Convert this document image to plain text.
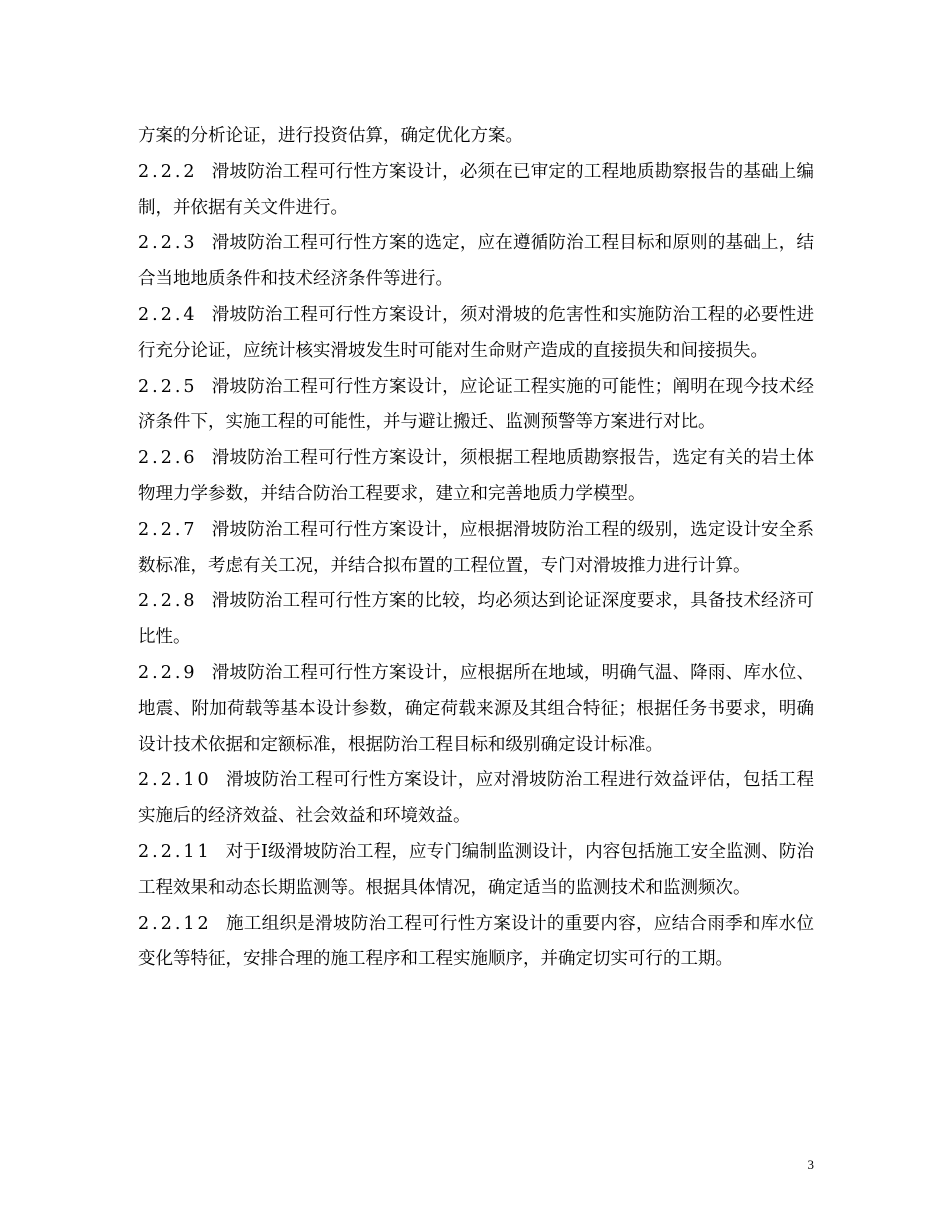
方案的分析论证，进行投资估算，确定优化方案。

2.2.2 滑坡防治工程可行性方案设计，必须在已审定的工程地质勘察报告的基础上编制，并依据有关文件进行。

2.2.3 滑坡防治工程可行性方案的选定，应在遵循防治工程目标和原则的基础上，结合当地地质条件和技术经济条件等进行。

2.2.4 滑坡防治工程可行性方案设计，须对滑坡的危害性和实施防治工程的必要性进行充分论证，应统计核实滑坡发生时可能对生命财产造成的直接损失和间接损失。

2.2.5 滑坡防治工程可行性方案设计，应论证工程实施的可能性；阐明在现今技术经济条件下，实施工程的可能性，并与避让搬迁、监测预警等方案进行对比。

2.2.6 滑坡防治工程可行性方案设计，须根据工程地质勘察报告，选定有关的岩土体物理力学参数，并结合防治工程要求，建立和完善地质力学模型。

2.2.7 滑坡防治工程可行性方案设计，应根据滑坡防治工程的级别，选定设计安全系数标准，考虑有关工况，并结合拟布置的工程位置，专门对滑坡推力进行计算。

2.2.8 滑坡防治工程可行性方案的比较，均必须达到论证深度要求，具备技术经济可比性。

2.2.9 滑坡防治工程可行性方案设计，应根据所在地域，明确气温、降雨、库水位、地震、附加荷载等基本设计参数，确定荷载来源及其组合特征；根据任务书要求，明确设计技术依据和定额标准，根据防治工程目标和级别确定设计标准。

2.2.10 滑坡防治工程可行性方案设计，应对滑坡防治工程进行效益评估，包括工程实施后的经济效益、社会效益和环境效益。

2.2.11 对于Ⅰ级滑坡防治工程，应专门编制监测设计，内容包括施工安全监测、防治工程效果和动态长期监测等。根据具体情况，确定适当的监测技术和监测频次。

2.2.12 施工组织是滑坡防治工程可行性方案设计的重要内容，应结合雨季和库水位变化等特征，安排合理的施工程序和工程实施顺序，并确定切实可行的工期。

3
